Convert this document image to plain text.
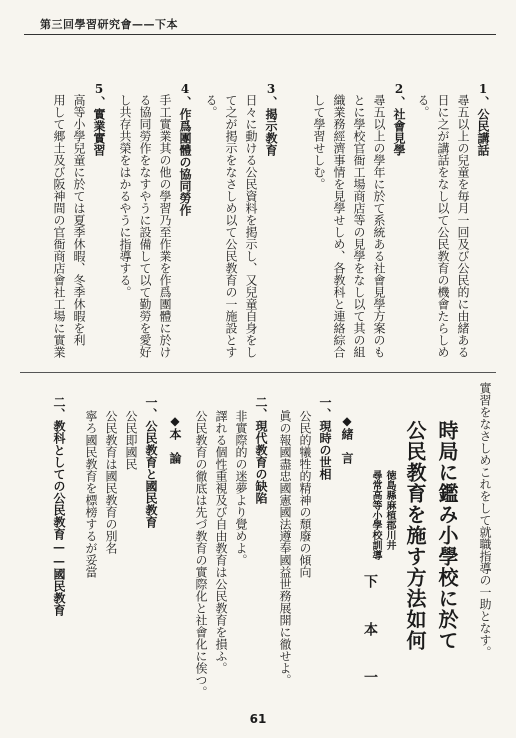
第三回學習研究會——下本
1、公民講話
尋五以上の兒童を毎月一回及び公民的に由緒ある
日に之が講話をなし以て公民教育の機會たらしめ
る。
2、社會見學
尋五以上の學年に於て系統ある社會見學方案のも
とに學校官衙工場商店等の見學をなし以て其の組
織業務經濟事情を見學せしめ、各教科と連絡綜合
して學習せしむ。
3、揭示教育
日々に動ける公民資料を掲示し、又兒童自身をし
て之が掲示をなさしめ以て公民教育の一施設とす
る。
4、作爲團體の協同勞作
手工實業其の他の學習乃至作業を作爲團體に於け
る協同勞作をなすやうに設備して以て勤勞を愛好
し共存共榮をはかるやうに指導する。
5、實業實習
高等小學兒童に於ては夏季休暇、冬季休暇を利
用して郷土及び阪神間の官衙商店會社工場に實業
實習をなさしめこれをして就職指導の一助となす。
時局に鑑み小學校に於て
公民教育を施す方法如何
徳島縣麻植郡川井
尋常高等小學校訓導
下　本　一
◆緒　言
一、現時の世相
公民的犧牲的精神の頹廢の傾向
眞の報國盡忠國憲國法遵奉國益世務展開に徹せよ。
二、現代教育の缺陷
非實際的の迷夢より覺めよ。
譯れる個性重視及び自由教育は公民教育を損ふ。
公民教育の徹底は先づ教育の實際化と社會化に俟つ。
◆本　論
一、公民教育と國民教育
公民即國民
公民教育は國民教育の別名
寧ろ國民教育を標榜するが妥當
二、教科としての公民教育——國民教育
61
